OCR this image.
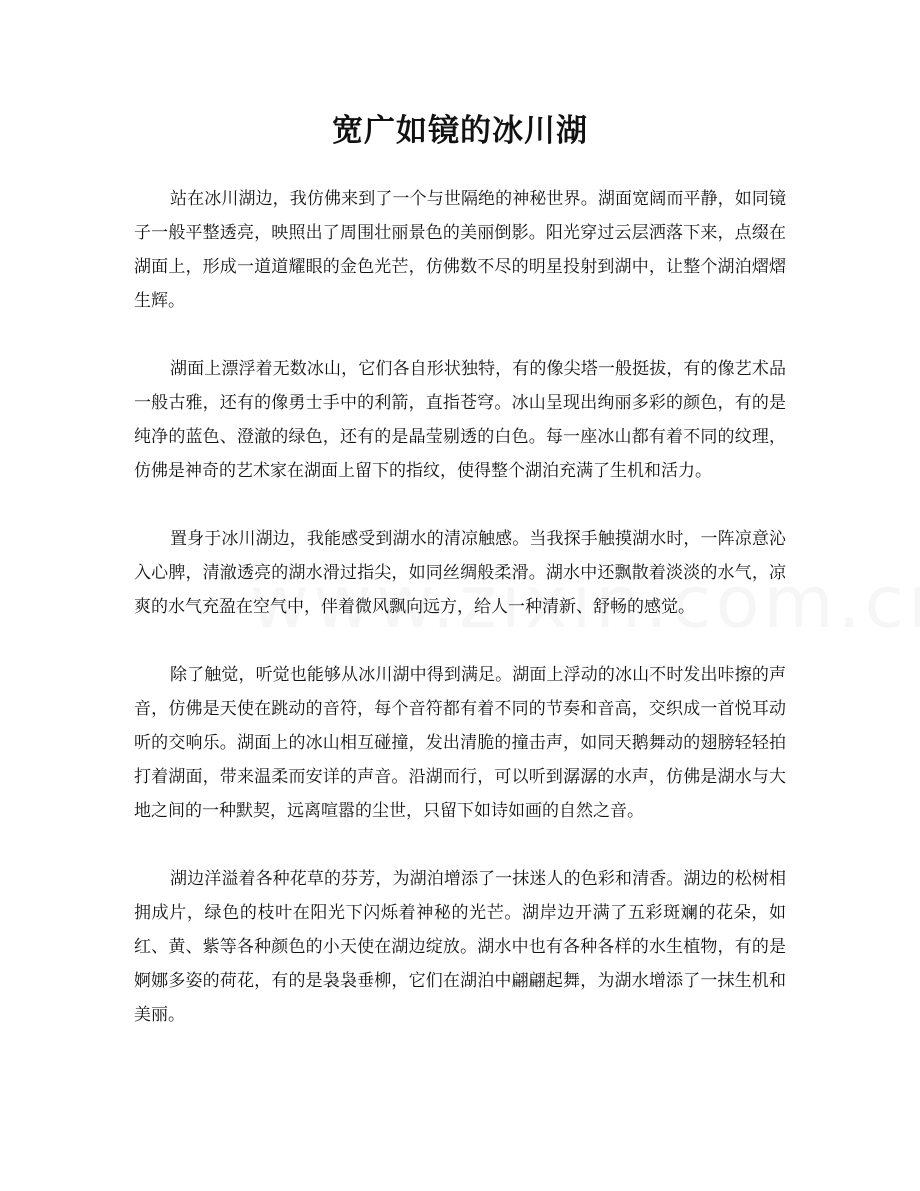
宽广如镜的冰川湖

站在冰川湖边，我仿佛来到了一个与世隔绝的神秘世界。湖面宽阔而平静，如同镜子一般平整透亮，映照出了周围壮丽景色的美丽倒影。阳光穿过云层洒落下来，点缀在湖面上，形成一道道耀眼的金色光芒，仿佛数不尽的明星投射到湖中，让整个湖泊熠熠生辉。

湖面上漂浮着无数冰山，它们各自形状独特，有的像尖塔一般挺拔，有的像艺术品一般古雅，还有的像勇士手中的利箭，直指苍穹。冰山呈现出绚丽多彩的颜色，有的是纯净的蓝色、澄澈的绿色，还有的是晶莹剔透的白色。每一座冰山都有着不同的纹理，仿佛是神奇的艺术家在湖面上留下的指纹，使得整个湖泊充满了生机和活力。

置身于冰川湖边，我能感受到湖水的清凉触感。当我探手触摸湖水时，一阵凉意沁入心脾，清澈透亮的湖水滑过指尖，如同丝绸般柔滑。湖水中还飘散着淡淡的水气，凉爽的水气充盈在空气中，伴着微风飘向远方，给人一种清新、舒畅的感觉。

除了触觉，听觉也能够从冰川湖中得到满足。湖面上浮动的冰山不时发出咔擦的声音，仿佛是天使在跳动的音符，每个音符都有着不同的节奏和音高，交织成一首悦耳动听的交响乐。湖面上的冰山相互碰撞，发出清脆的撞击声，如同天鹅舞动的翅膀轻轻拍打着湖面，带来温柔而安详的声音。沿湖而行，可以听到潺潺的水声，仿佛是湖水与大地之间的一种默契，远离喧嚣的尘世，只留下如诗如画的自然之音。

湖边洋溢着各种花草的芬芳，为湖泊增添了一抹迷人的色彩和清香。湖边的松树相拥成片，绿色的枝叶在阳光下闪烁着神秘的光芒。湖岸边开满了五彩斑斓的花朵，如红、黄、紫等各种颜色的小天使在湖边绽放。湖水中也有各种各样的水生植物，有的是婀娜多姿的荷花，有的是袅袅垂柳，它们在湖泊中翩翩起舞，为湖水增添了一抹生机和美丽。
